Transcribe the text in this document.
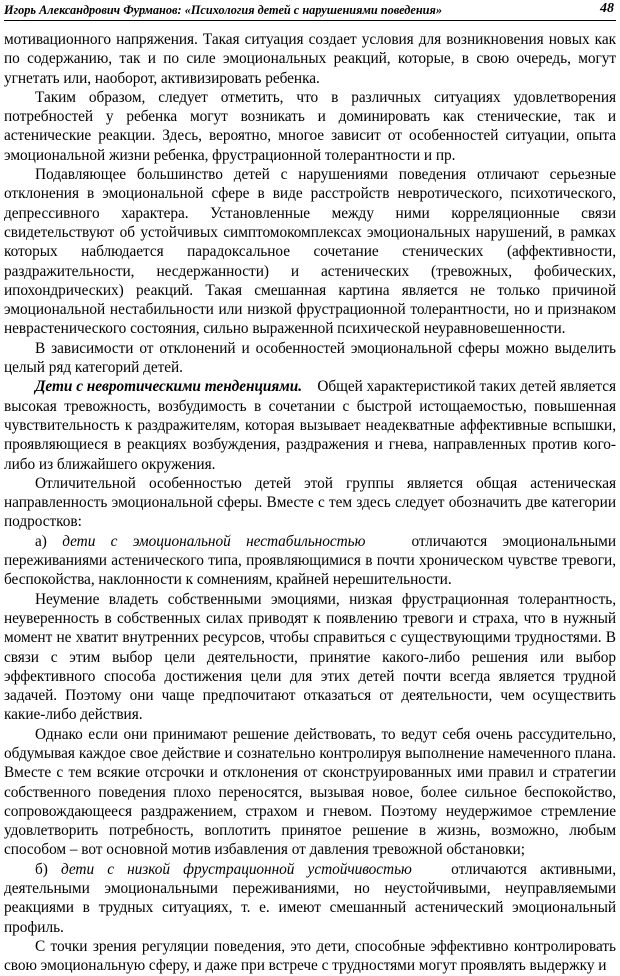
Игорь Александрович Фурманов: «Психология детей с нарушениями поведения»	48

мотивационного напряжения. Такая ситуация создает условия для возникновения новых как по содержанию, так и по силе эмоциональных реакций, которые, в свою очередь, могут угнетать или, наоборот, активизировать ребенка.

Таким образом, следует отметить, что в различных ситуациях удовлетворения потребностей у ребенка могут возникать и доминировать как стенические, так и астенические реакции. Здесь, вероятно, многое зависит от особенностей ситуации, опыта эмоциональной жизни ребенка, фрустрационной толерантности и пр.

Подавляющее большинство детей с нарушениями поведения отличают серьезные отклонения в эмоциональной сфере в виде расстройств невротического, психотического, депрессивного характера. Установленные между ними корреляционные связи свидетельствуют об устойчивых симптомокомплексах эмоциональных нарушений, в рамках которых наблюдается парадоксальное сочетание стенических (аффективности, раздражительности, несдержанности) и астенических (тревожных, фобических, ипохондрических) реакций. Такая смешанная картина является не только причиной эмоциональной нестабильности или низкой фрустрационной толерантности, но и признаком неврастенического состояния, сильно выраженной психической неуравновешенности.

В зависимости от отклонений и особенностей эмоциональной сферы можно выделить целый ряд категорий детей.

Дети с невротическими тенденциями. Общей характеристикой таких детей является высокая тревожность, возбудимость в сочетании с быстрой истощаемостью, повышенная чувствительность к раздражителям, которая вызывает неадекватные аффективные вспышки, проявляющиеся в реакциях возбуждения, раздражения и гнева, направленных против кого-либо из ближайшего окружения.

Отличительной особенностью детей этой группы является общая астеническая направленность эмоциональной сферы. Вместе с тем здесь следует обозначить две категории подростков:

а) дети с эмоциональной нестабильностью	отличаются эмоциональными переживаниями астенического типа, проявляющимися в почти хроническом чувстве тревоги, беспокойства, наклонности к сомнениям, крайней нерешительности.

Неумение владеть собственными эмоциями, низкая фрустрационная толерантность, неуверенность в собственных силах приводят к появлению тревоги и страха, что в нужный момент не хватит внутренних ресурсов, чтобы справиться с существующими трудностями. В связи с этим выбор цели деятельности, принятие какого-либо решения или выбор эффективного способа достижения цели для этих детей почти всегда является трудной задачей. Поэтому они чаще предпочитают отказаться от деятельности, чем осуществить какие-либо действия.

Однако если они принимают решение действовать, то ведут себя очень рассудительно, обдумывая каждое свое действие и сознательно контролируя выполнение намеченного плана. Вместе с тем всякие отсрочки и отклонения от сконструированных ими правил и стратегии собственного поведения плохо переносятся, вызывая новое, более сильное беспокойство, сопровождающееся раздражением, страхом и гневом. Поэтому неудержимое стремление удовлетворить потребность, воплотить принятое решение в жизнь, возможно, любым способом – вот основной мотив избавления от давления тревожной обстановки;

б) дети с низкой фрустрационной устойчивостью	отличаются активными, деятельными эмоциональными переживаниями, но неустойчивыми, неуправляемыми реакциями в трудных ситуациях, т. е. имеют смешанный астенический эмоциональный профиль.

С точки зрения регуляции поведения, это дети, способные эффективно контролировать свою эмоциональную сферу, и даже при встрече с трудностями могут проявлять выдержку и
